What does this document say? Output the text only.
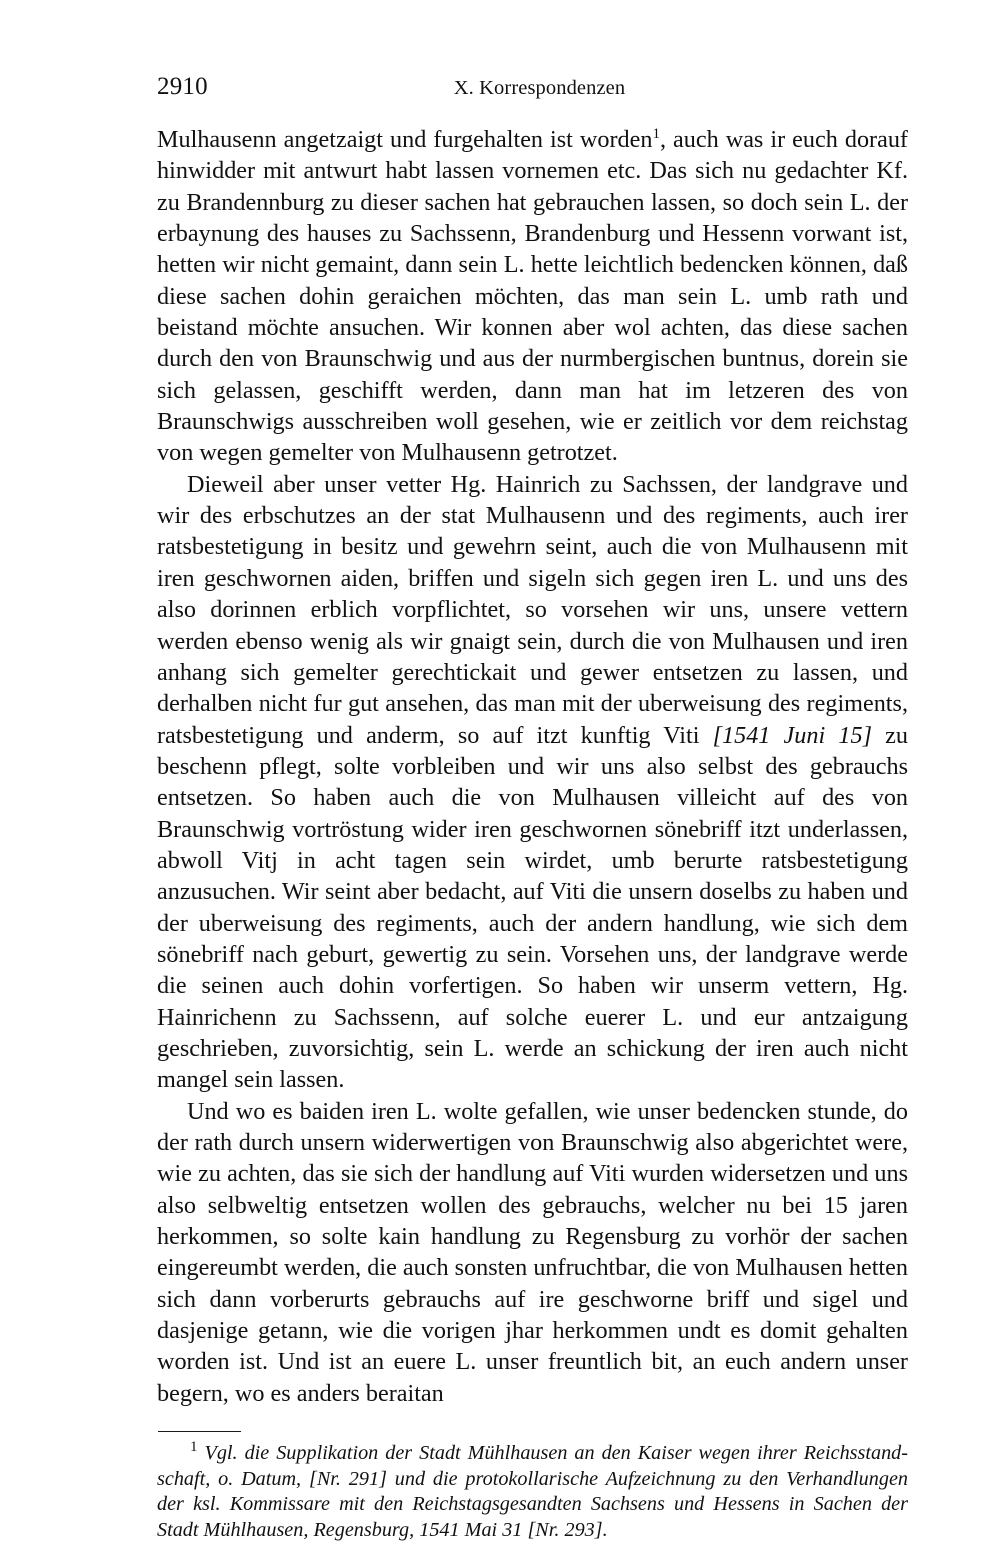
2910	X. Korrespondenzen

Mulhausenn angetzaigt und furgehalten ist worden$^1$, auch was ir euch dorauf hinwidder mit antwurt habt lassen vornemen etc. Das sich nu gedachter Kf. zu Brandennburg zu dieser sachen hat gebrauchen lassen, so doch sein L. der erbaynung des hauses zu Sachssenn, Brandenburg und Hessenn vorwant ist, hetten wir nicht gemaint, dann sein L. hette leichtlich bedencken können, daß diese sachen dohin geraichen möchten, das man sein L. umb rath und beistand möchte ansuchen. Wir konnen aber wol achten, das diese sachen durch den von Braunschwig und aus der nurmbergischen buntnus, dorein sie sich gelassen, geschifft werden, dann man hat im letzeren des von Braunschwigs ausschreiben woll gesehen, wie er zeitlich vor dem reichstag von wegen gemelter von Mulhausenn getrotzet.

Dieweil aber unser vetter Hg. Hainrich zu Sachssen, der landgrave und wir des erbschutzes an der stat Mulhausenn und des regiments, auch irer ratsbestetigung in besitz und gewehrn seint, auch die von Mulhausenn mit iren geschwornen aiden, briffen und sigeln sich gegen iren L. und uns des also dorinnen erblich vorpflichtet, so vorsehen wir uns, unsere vettern werden ebenso wenig als wir gnaigt sein, durch die von Mulhausen und iren anhang sich gemelter gerechtickait und gewer entsetzen zu lassen, und derhalben nicht fur gut ansehen, das man mit der uberweisung des regiments, ratsbestetigung und anderm, so auf itzt kunftig Viti [1541 Juni 15] zu beschenn pflegt, solte vorbleiben und wir uns also selbst des gebrauchs entsetzen. So haben auch die von Mulhausen villeicht auf des von Braunschwig vortröstung wider iren geschwornen sönebriff itzt underlassen, abwoll Vitj in acht tagen sein wirdet, umb berurte ratsbestetigung anzusuchen. Wir seint aber bedacht, auf Viti die unsern doselbs zu haben und der uberweisung des regiments, auch der andern handlung, wie sich dem sönebriff nach geburt, gewertig zu sein. Vorsehen uns, der landgrave werde die seinen auch dohin vorfertigen. So haben wir unserm vettern, Hg. Hainrichenn zu Sachssenn, auf solche euerer L. und eur antzaigung geschrieben, zuvorsichtig, sein L. werde an schickung der iren auch nicht mangel sein lassen.

Und wo es baiden iren L. wolte gefallen, wie unser bedencken stunde, do der rath durch unsern widerwertigen von Braunschwig also abgerichtet were, wie zu achten, das sie sich der handlung auf Viti wurden widersetzen und uns also selbweltig entsetzen wollen des gebrauchs, welcher nu bei 15 jaren herkommen, so solte kain handlung zu Regensburg zu vorhör der sachen eingereumbt werden, die auch sonsten unfruchtbar, die von Mulhausen hetten sich dann vorberurts gebrauchs auf ire geschworne briff und sigel und dasjenige getann, wie die vorigen jhar herkommen undt es domit gehalten worden ist. Und ist an euere L. unser freuntlich bit, an euch andern unser begern, wo es anders beraitan

$^1$ Vgl. die Supplikation der Stadt Mühlhausen an den Kaiser wegen ihrer Reichsstandschaft, o. Datum, [Nr. 291] und die protokollarische Aufzeichnung zu den Verhandlungen der ksl. Kommissare mit den Reichstagsgesandten Sachsens und Hessens in Sachen der Stadt Mühlhausen, Regensburg, 1541 Mai 31 [Nr. 293].
